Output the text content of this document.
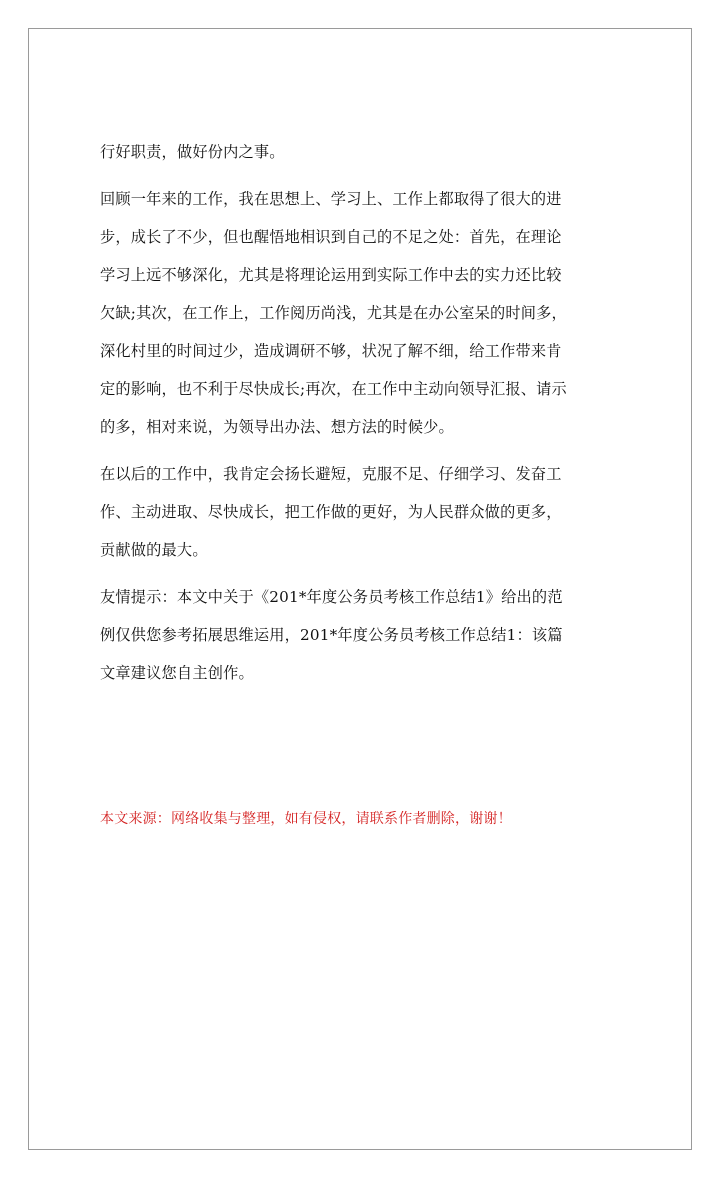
行好职责，做好份内之事。
回顾一年来的工作，我在思想上、学习上、工作上都取得了很大的进
步，成长了不少，但也醒悟地相识到自己的不足之处：首先，在理论
学习上远不够深化，尤其是将理论运用到实际工作中去的实力还比较
欠缺;其次，在工作上，工作阅历尚浅，尤其是在办公室呆的时间多，
深化村里的时间过少，造成调研不够，状况了解不细，给工作带来肯
定的影响，也不利于尽快成长;再次，在工作中主动向领导汇报、请示
的多，相对来说，为领导出办法、想方法的时候少。
在以后的工作中，我肯定会扬长避短，克服不足、仔细学习、发奋工
作、主动进取、尽快成长，把工作做的更好，为人民群众做的更多，
贡献做的最大。
友情提示：本文中关于《201*年度公务员考核工作总结1》给出的范
例仅供您参考拓展思维运用，201*年度公务员考核工作总结1：该篇
文章建议您自主创作。
本文来源：网络收集与整理，如有侵权，请联系作者删除，谢谢！
